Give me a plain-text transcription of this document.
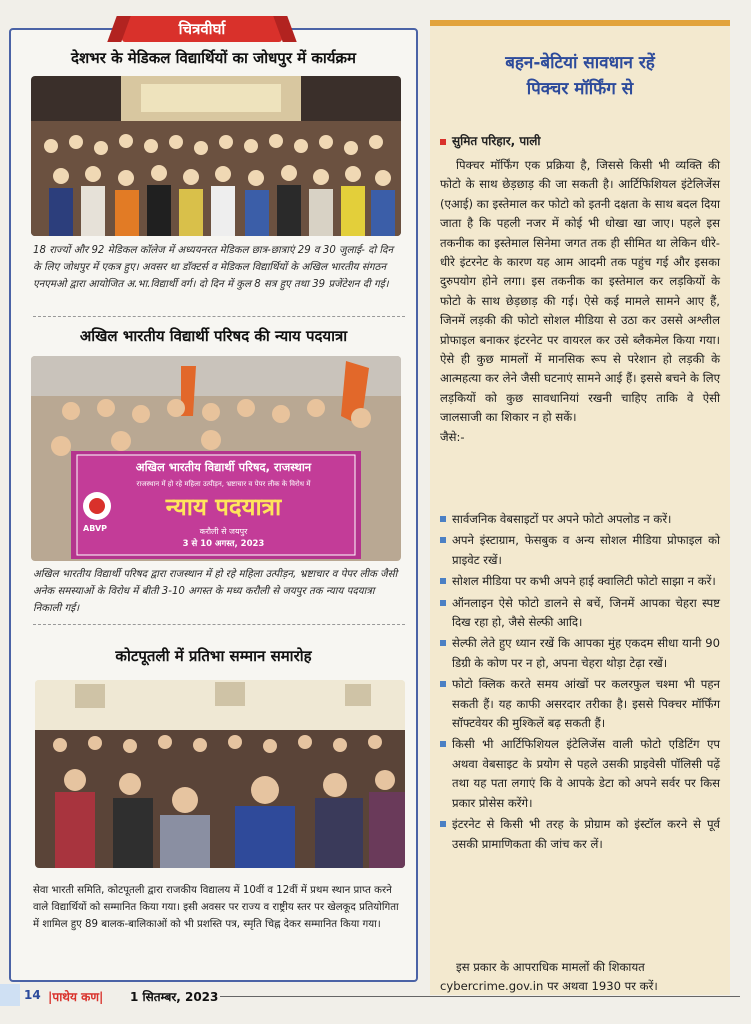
चित्रवीर्घा
देशभर के मेडिकल विद्यार्थियों का जोधपुर में कार्यक्रम
18 राज्यों और 92 मेडिकल कॉलेज में अध्ययनरत मेडिकल छात्र-छात्राएं 29 व 30 जुलाई- दो दिन के लिए जोधपुर में एकत्र हुए। अवसर था डॉक्टर्स व मेडिकल विद्यार्थियों के अखिल भारतीय संगठन एनएमओ द्वारा आयोजित अ.भा.विद्यार्थी वर्ग। दो दिन में कुल 8 सत्र हुए तथा 39 प्रजेंटेशन दी गई।
अखिल भारतीय विद्यार्थी परिषद की न्याय पदयात्रा
अखिल भारतीय विद्यार्थी परिषद, राजस्थान
राजस्थान में हो रहे महिला उत्पीड़न, भ्रष्टाचार व पेपर लीक के विरोध में
न्याय पदयात्रा
करौली से जयपुर
3 से 10 अगस्त, 2023
ABVP
अखिल भारतीय विद्यार्थी परिषद द्वारा राजस्थान में हो रहे महिला उत्पीड़न, भ्रष्टाचार व पेपर लीक जैसी अनेक समस्याओं के विरोध में बीती 3-10 अगस्त के मध्य करौली से जयपुर तक न्याय पदयात्रा निकाली गई।
कोटपूतली में प्रतिभा सम्मान समारोह
सेवा भारती समिति, कोटपूतली द्वारा राजकीय विद्यालय में 10वीं व 12वीं में प्रथम स्थान प्राप्त करने वाले विद्यार्थियों को सम्मानित किया गया। इसी अवसर पर राज्य व राष्ट्रीय स्तर पर खेलकूद प्रतियोगिता में शामिल हुए 89 बालक-बालिकाओं को भी प्रशस्ति पत्र, स्मृति चिह्न देकर सम्मानित किया गया।
बहन-बेटियां सावधान रहें
पिक्चर मॉर्फिंग से
सुमित परिहार, पाली

पिक्चर मॉर्फिंग एक प्रक्रिया है, जिससे किसी भी व्यक्ति की फोटो के साथ छेड़छाड़ की जा सकती है। आर्टिफिशियल इंटेलिजेंस (एआई) का इस्तेमाल कर फोटो को इतनी दक्षता के साथ बदल दिया जाता है कि पहली नजर में कोई भी धोखा खा जाए। पहले इस तकनीक का इस्तेमाल सिनेमा जगत तक ही सीमित था लेकिन धीरे-धीरे इंटरनेट के कारण यह आम आदमी तक पहुंच गई और इसका दुरुपयोग होने लगा। इस तकनीक का इस्तेमाल कर लड़कियों के फोटो के साथ छेड़छाड़ की गई। ऐसे कई मामले सामने आए हैं, जिनमें लड़की की फोटो सोशल मीडिया से उठा कर उससे अश्लील प्रोफाइल बनाकर इंटरनेट पर वायरल कर उसे ब्लैकमेल किया गया। ऐसे ही कुछ मामलों में मानसिक रूप से परेशान हो लड़की के आत्महत्या कर लेने जैसी घटनाएं सामने आई हैं। इससे बचने के लिए लड़कियों को कुछ सावधानियां रखनी चाहिए ताकि वे ऐसी जालसाजी का शिकार न हो सकें।

जैसे:-
सार्वजनिक वेबसाइटों पर अपने फोटो अपलोड न करें।
अपने इंस्टाग्राम, फेसबुक व अन्य सोशल मीडिया प्रोफाइल को प्राइवेट रखें।
सोशल मीडिया पर कभी अपने हाई क्वालिटी फोटो साझा न करें।
ऑनलाइन ऐसे फोटो डालने से बचें, जिनमें आपका चेहरा स्पष्ट दिख रहा हो, जैसे सेल्फी आदि।
सेल्फी लेते हुए ध्यान रखें कि आपका मुंह एकदम सीधा यानी 90 डिग्री के कोण पर न हो, अपना चेहरा थोड़ा टेढ़ा रखें।
फोटो क्लिक करते समय आंखों पर कलरफुल चश्मा भी पहन सकती हैं। यह काफी असरदार तरीका है। इससे पिक्चर मॉर्फिंग सॉफ्टवेयर की मुश्किलें बढ़ सकती हैं।
किसी भी आर्टिफिशियल इंटेलिजेंस वाली फोटो एडिटिंग एप अथवा वेबसाइट के प्रयोग से पहले उसकी प्राइवेसी पॉलिसी पढ़ें तथा यह पता लगाएं कि वे आपके डेटा को अपने सर्वर पर किस प्रकार प्रोसेस करेंगे।
इंटरनेट से किसी भी तरह के प्रोग्राम को इंस्टॉल करने से पूर्व उसकी प्रामाणिकता की जांच कर लें।

इस प्रकार के आपराधिक मामलों की शिकायत cybercrime.gov.in पर अथवा 1930 पर करें।

14 |पाथेय कण| 1 सितम्बर, 2023
